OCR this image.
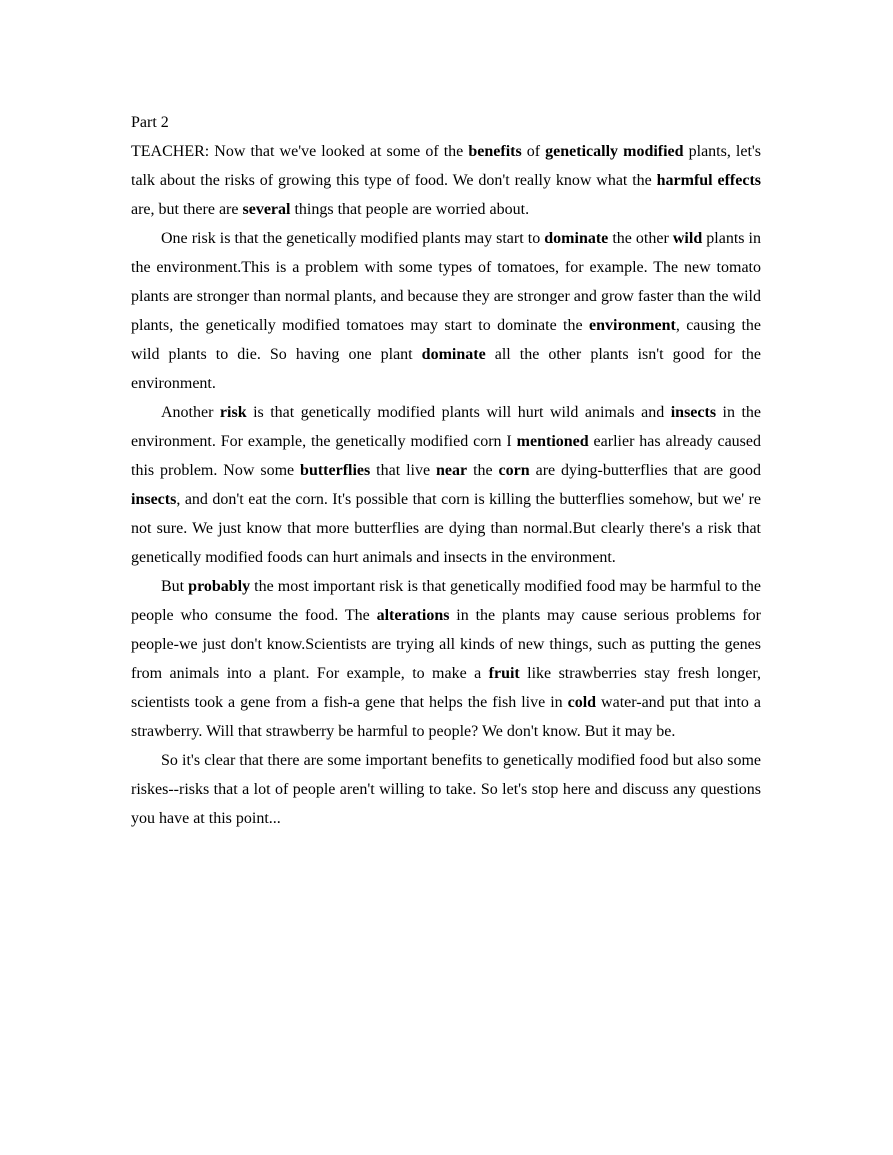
Part 2

TEACHER: Now that we've looked at some of the benefits of genetically modified plants, let's talk about the risks of growing this type of food. We don't really know what the harmful effects are, but there are several things that people are worried about.

One risk is that the genetically modified plants may start to dominate the other wild plants in the environment.This is a problem with some types of tomatoes, for example. The new tomato plants are stronger than normal plants, and because they are stronger and grow faster than the wild plants, the genetically modified tomatoes may start to dominate the environment, causing the wild plants to die. So having one plant dominate all the other plants isn't good for the environment.

Another risk is that genetically modified plants will hurt wild animals and insects in the environment. For example, the genetically modified corn I mentioned earlier has already caused this problem. Now some butterflies that live near the corn are dying-butterflies that are good insects, and don't eat the corn. It's possible that corn is killing the butterflies somehow, but we' re not sure. We just know that more butterflies are dying than normal.But clearly there's a risk that genetically modified foods can hurt animals and insects in the environment.

But probably the most important risk is that genetically modified food may be harmful to the people who consume the food. The alterations in the plants may cause serious problems for people-we just don't know.Scientists are trying all kinds of new things, such as putting the genes from animals into a plant. For example, to make a fruit like strawberries stay fresh longer, scientists took a gene from a fish-a gene that helps the fish live in cold water-and put that into a strawberry. Will that strawberry be harmful to people? We don't know. But it may be.

So it's clear that there are some important benefits to genetically modified food but also some riskes--risks that a lot of people aren't willing to take. So let's stop here and discuss any questions you have at this point...
